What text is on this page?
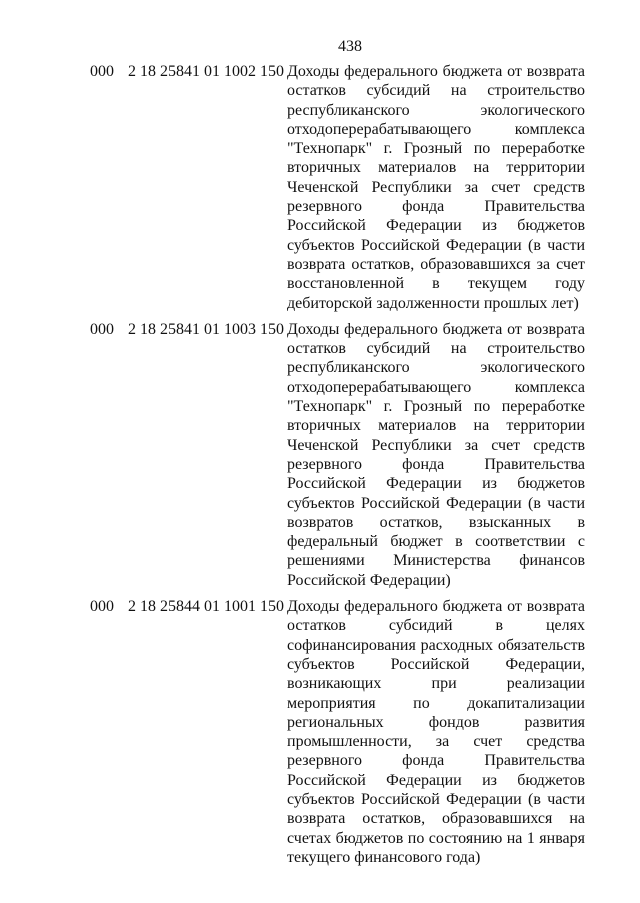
438
000 2 18 25841 01 1002 150 Доходы федерального бюджета от возврата остатков субсидий на строительство республиканского экологического отходоперерабатывающего комплекса "Технопарк" г. Грозный по переработке вторичных материалов на территории Чеченской Республики за счет средств резервного фонда Правительства Российской Федерации из бюджетов субъектов Российской Федерации (в части возврата остатков, образовавшихся за счет восстановленной в текущем году дебиторской задолженности прошлых лет)
000 2 18 25841 01 1003 150 Доходы федерального бюджета от возврата остатков субсидий на строительство республиканского экологического отходоперерабатывающего комплекса "Технопарк" г. Грозный по переработке вторичных материалов на территории Чеченской Республики за счет средств резервного фонда Правительства Российской Федерации из бюджетов субъектов Российской Федерации (в части возвратов остатков, взысканных в федеральный бюджет в соответствии с решениями Министерства финансов Российской Федерации)
000 2 18 25844 01 1001 150 Доходы федерального бюджета от возврата остатков субсидий в целях софинансирования расходных обязательств субъектов Российской Федерации, возникающих при реализации мероприятия по докапитализации региональных фондов развития промышленности, за счет средства резервного фонда Правительства Российской Федерации из бюджетов субъектов Российской Федерации (в части возврата остатков, образовавшихся на счетах бюджетов по состоянию на 1 января текущего финансового года)
